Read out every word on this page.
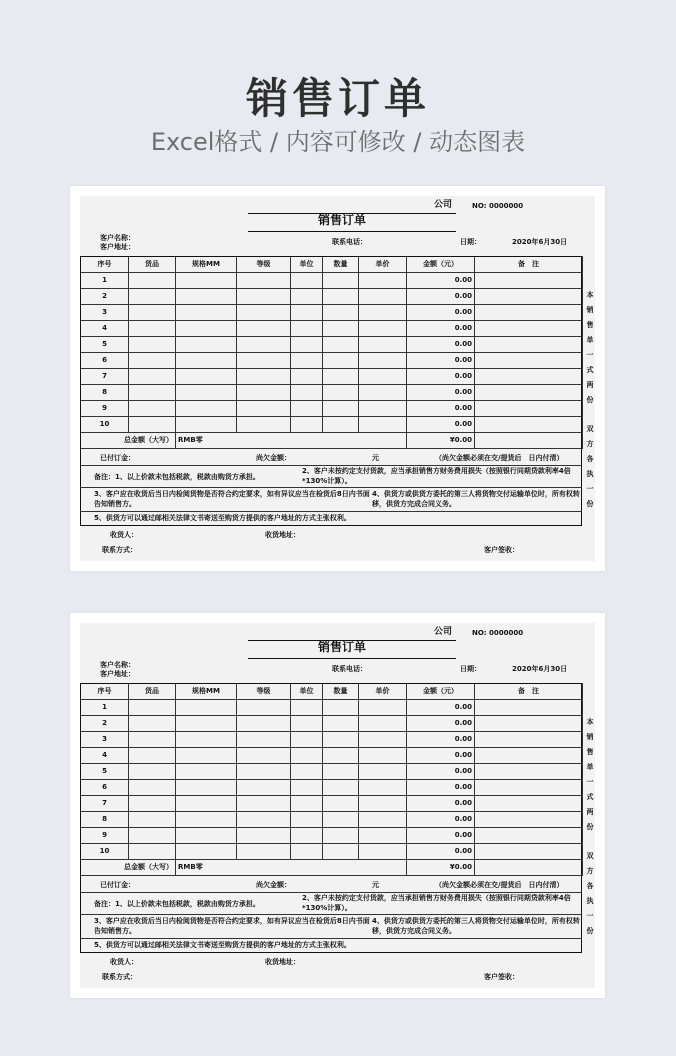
销售订单
Excel格式 / 内容可修改 / 动态图表
公司	NO: 0000000
销售订单
客户名称：
客户地址：
联系电话：	日期：	2020年6月30日
序号	货品	规格MM	等级	单位	数量	单价	金额（元）	备　注
1							0.00	
2							0.00	
3							0.00	
4							0.00	
5							0.00	
6							0.00	
7							0.00	
8							0.00	
9							0.00	
10							0.00	
总金额（大写）		RMB零					¥0.00	
已付订金：	尚欠金额：	元	（尚欠金额必须在交/提货后　日内付清）
备注：1、以上价款未包括税款，税款由购货方承担。
2、客户未按约定支付货款，应当承担销售方财务费用损失（按照银行同期贷款利率4倍
*130%计算）。
3、客户应在收货后当日内检阅货物是否符合约定要求，如有异议应当在检货后8日内书面
告知销售方。
4、供货方或供货方委托的第三人将货物交付运输单位时，所有权转
移，供货方完成合同义务。
5、供货方可以通过邮相关法律文书寄送至购货方提供的客户地址的方式主张权利。
收货人：	收货地址：
联系方式：	客户签收：
本销售单一式两份
双方各执一份
公司	NO: 0000000
销售订单
客户名称：
客户地址：
联系电话：	日期：	2020年6月30日
序号	货品	规格MM	等级	单位	数量	单价	金额（元）	备　注
1							0.00	
2							0.00	
3							0.00	
4							0.00	
5							0.00	
6							0.00	
7							0.00	
8							0.00	
9							0.00	
10							0.00	
总金额（大写）		RMB零					¥0.00	
已付订金：	尚欠金额：	元	（尚欠金额必须在交/提货后　日内付清）
备注：1、以上价款未包括税款，税款由购货方承担。
2、客户未按约定支付货款，应当承担销售方财务费用损失（按照银行同期贷款利率4倍
*130%计算）。
3、客户应在收货后当日内检阅货物是否符合约定要求，如有异议应当在检货后8日内书面
告知销售方。
4、供货方或供货方委托的第三人将货物交付运输单位时，所有权转
移，供货方完成合同义务。
5、供货方可以通过邮相关法律文书寄送至购货方提供的客户地址的方式主张权利。
收货人：	收货地址：
联系方式：	客户签收：
本销售单一式两份
双方各执一份
